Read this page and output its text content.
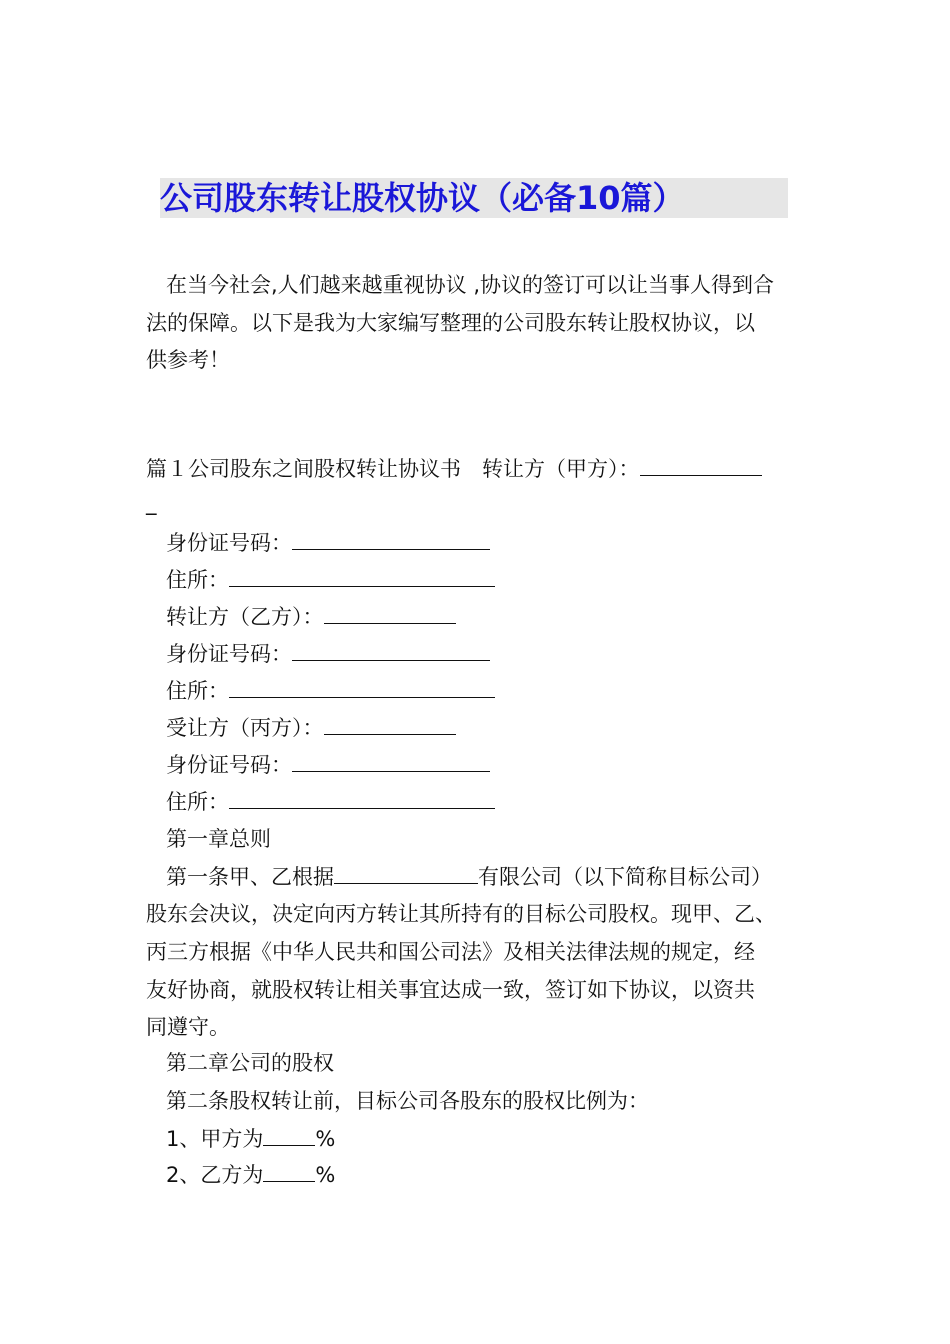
公司股东转让股权协议（必备10篇）
在当今社会,人们越来越重视协议 ,协议的签订可以让当事人得到合
法的保障。以下是我为大家编写整理的公司股东转让股权协议，以
供参考！
篇１公司股东之间股权转让协议书　转让方（甲方）：
_
身份证号码：
住所：
转让方（乙方）：
身份证号码：
住所：
受让方（丙方）：
身份证号码：
住所：
第一章总则
第一条甲、乙根据	有限公司（以下简称目标公司）
股东会决议，决定向丙方转让其所持有的目标公司股权。现甲、乙、
丙三方根据《中华人民共和国公司法》及相关法律法规的规定，经
友好协商，就股权转让相关事宜达成一致，签订如下协议，以资共
同遵守。
第二章公司的股权
第二条股权转让前，目标公司各股东的股权比例为：
1、甲方为 %
2、乙方为 %
